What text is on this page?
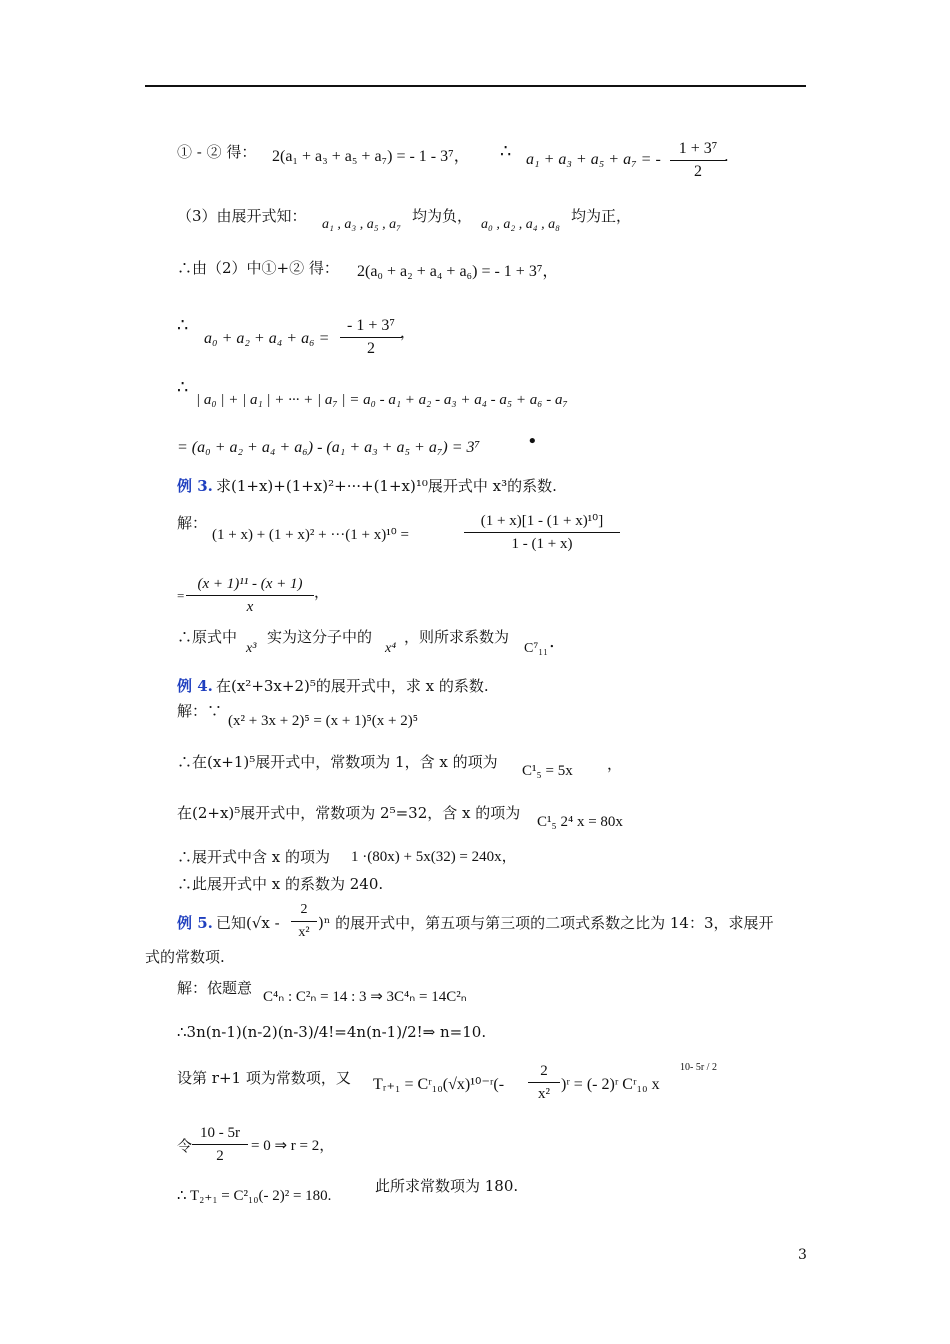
① - ② 得： 2(a₁ + a₃ + a₅ + a₇) = - 1 - 3⁷， ∴ a₁ + a₃ + a₅ + a₇ = -
1 + 3⁷
2
.
（3）由展开式知： a₁ , a₃ , a₅ , a₇ 均为负， a₀ , a₂ , a₄ , a₈ 均为正，
∴由（2）中①+② 得： 2(a₀ + a₂ + a₄ + a₆) = - 1 + 3⁷，
∴
a₀ + a₂ + a₄ + a₆ =
- 1 + 3⁷
2
，
∴
| a₀ | + | a₁ | + ··· + | a₇ | = a₀ - a₁ + a₂ - a₃ + a₄ - a₅ + a₆ - a₇
= (a₀ + a₂ + a₄ + a₆) - (a₁ + a₃ + a₅ + a₇) = 3⁷	•
例 3. 求(1+x)+(1+x)²+···+(1+x)¹⁰展开式中 x³的系数.
解：
(1 + x) + (1 + x)² + ···(1 + x)¹⁰ =
(1 + x)[1 - (1 + x)¹⁰]
1 - (1 + x)
=
(x + 1)¹¹ - (x + 1)
x
，
∴原式中
x³
实为这分子中的
x⁴
，则所求系数为
C⁷₁₁ .
例 4. 在(x²+3x+2)⁵的展开式中，求 x 的系数.
解：∵
(x² + 3x + 2)⁵ = (x + 1)⁵(x + 2)⁵
∴在(x+1)⁵展开式中，常数项为 1，含 x 的项为 C¹₅ = 5x ，
在(2+x)⁵展开式中，常数项为 2⁵=32，含 x 的项为 C¹₅ 2⁴ x = 80x
∴展开式中含 x 的项为 1 ·(80x) + 5x(32) = 240x，
∴此展开式中 x 的系数为 240.
例 5. 已知(√x -
2
x²
)ⁿ 的展开式中，第五项与第三项的二项式系数之比为 14：3，求展开
式的常数项.
解：依题意 C⁴ₙ : C²ₙ = 14 : 3 ⇒ 3C⁴ₙ = 14C²ₙ
∴3n(n-1)(n-2)(n-3)/4!=4n(n-1)/2!⇒ n=10.
设第 r+1 项为常数项，又 Tᵣ₊₁ = Cʳ₁₀(√x)¹⁰⁻ʳ(-
2
x²
)ʳ = (- 2)ʳ Cʳ₁₀ x
10- 5r / 2
令
10 - 5r
2
= 0 ⇒ r = 2，
∴ T₂₊₁ = C²₁₀(- 2)² = 180.
此所求常数项为 180.
3
